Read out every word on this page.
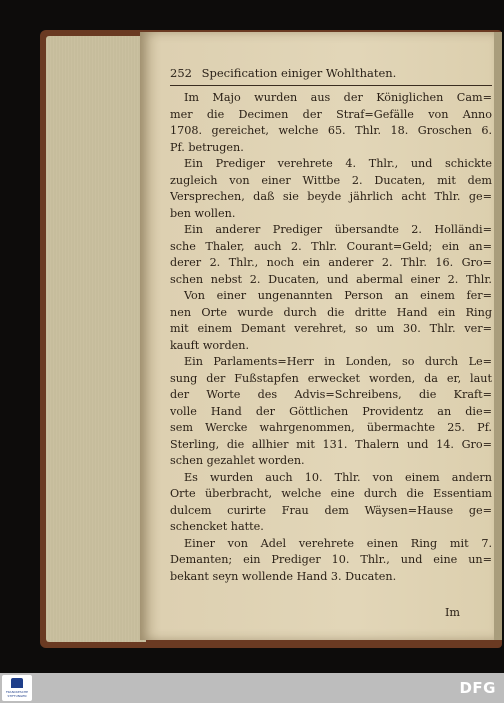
252 Specification einiger Wohlthaten.
Im Majo wurden aus der Königlichen Cam=
mer die Decimen der Straf=Gefälle von Anno
1708. gereichet, welche 65. Thlr. 18. Groschen 6.
Pf. betrugen.
Ein Prediger verehrete 4. Thlr., und schickte
zugleich von einer Wittbe 2. Ducaten, mit dem
Versprechen, daß sie beyde jährlich acht Thlr. ge=
ben wollen.
Ein anderer Prediger übersandte 2. Holländi=
sche Thaler, auch 2. Thlr. Courant=Geld; ein an=
derer 2. Thlr., noch ein anderer 2. Thlr. 16. Gro=
schen nebst 2. Ducaten, und abermal einer 2. Thlr.
Von einer ungenannten Person an einem fer=
nen Orte wurde durch die dritte Hand ein Ring
mit einem Demant verehret, so um 30. Thlr. ver=
kauft worden.
Ein Parlaments=Herr in Londen, so durch Le=
sung der Fußstapfen erwecket worden, da er, laut
der Worte des Advis=Schreibens, die Kraft=
volle Hand der Göttlichen Providentz an die=
sem Wercke wahrgenommen, übermachte 25. Pf.
Sterling, die allhier mit 131. Thalern und 14. Gro=
schen gezahlet worden.
Es wurden auch 10. Thlr. von einem andern
Orte überbracht, welche eine durch die Essentiam
dulcem curirte Frau dem Wäysen=Hause ge=
schencket hatte.
Einer von Adel verehrete einen Ring mit 7.
Demanten; ein Prediger 10. Thlr., und eine un=
bekant seyn wollende Hand 3. Ducaten.
Im
FRANCKESCHE STIFTUNGEN	DFG
